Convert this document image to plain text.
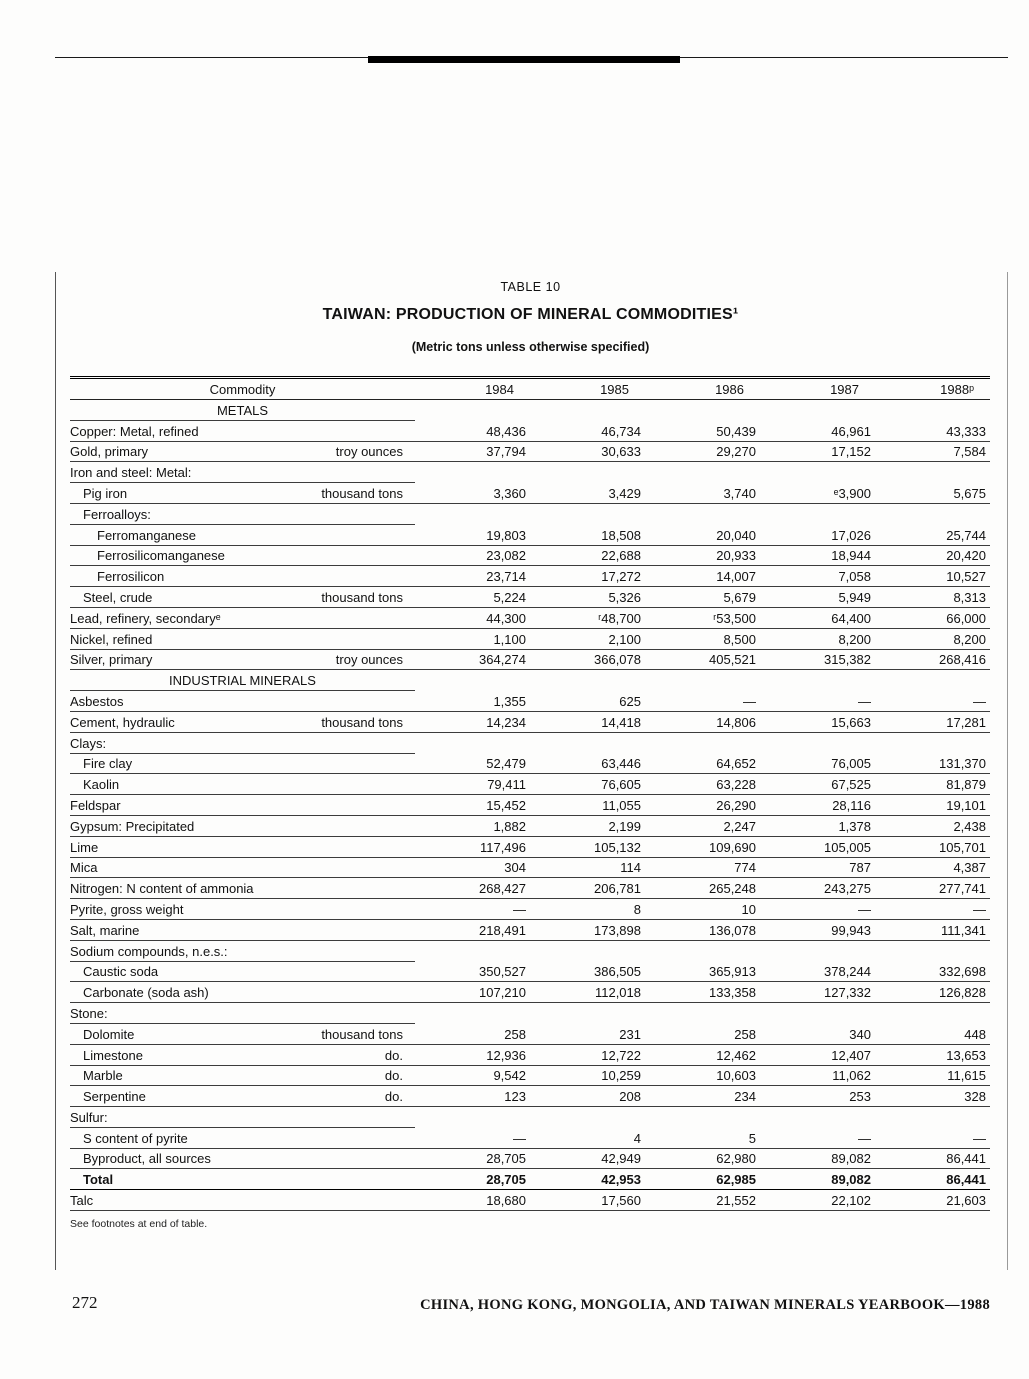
TABLE 10
TAIWAN: PRODUCTION OF MINERAL COMMODITIES¹
(Metric tons unless otherwise specified)
Commodity	1984	1985	1986	1987	1988ᵖ
METALS
Copper: Metal, refined	48,436	46,734	50,439	46,961	43,333
Gold, primary	troy ounces	37,794	30,633	29,270	17,152	7,584
Iron and steel: Metal:
Pig iron	thousand tons	3,360	3,429	3,740	ᵉ3,900	5,675
Ferroalloys:
Ferromanganese	19,803	18,508	20,040	17,026	25,744
Ferrosilicomanganese	23,082	22,688	20,933	18,944	20,420
Ferrosilicon	23,714	17,272	14,007	7,058	10,527
Steel, crude	thousand tons	5,224	5,326	5,679	5,949	8,313
Lead, refinery, secondaryᵉ	44,300	ʳ48,700	ʳ53,500	64,400	66,000
Nickel, refined	1,100	2,100	8,500	8,200	8,200
Silver, primary	troy ounces	364,274	366,078	405,521	315,382	268,416
INDUSTRIAL MINERALS
Asbestos	1,355	625	—	—	—
Cement, hydraulic	thousand tons	14,234	14,418	14,806	15,663	17,281
Clays:
Fire clay	52,479	63,446	64,652	76,005	131,370
Kaolin	79,411	76,605	63,228	67,525	81,879
Feldspar	15,452	11,055	26,290	28,116	19,101
Gypsum: Precipitated	1,882	2,199	2,247	1,378	2,438
Lime	117,496	105,132	109,690	105,005	105,701
Mica	304	114	774	787	4,387
Nitrogen: N content of ammonia	268,427	206,781	265,248	243,275	277,741
Pyrite, gross weight	—	8	10	—	—
Salt, marine	218,491	173,898	136,078	99,943	111,341
Sodium compounds, n.e.s.:
Caustic soda	350,527	386,505	365,913	378,244	332,698
Carbonate (soda ash)	107,210	112,018	133,358	127,332	126,828
Stone:
Dolomite	thousand tons	258	231	258	340	448
Limestone	do.	12,936	12,722	12,462	12,407	13,653
Marble	do.	9,542	10,259	10,603	11,062	11,615
Serpentine	do.	123	208	234	253	328
Sulfur:
S content of pyrite	—	4	5	—	—
Byproduct, all sources	28,705	42,949	62,980	89,082	86,441
Total	28,705	42,953	62,985	89,082	86,441
Talc	18,680	17,560	21,552	22,102	21,603
See footnotes at end of table.
272	CHINA, HONG KONG, MONGOLIA, AND TAIWAN MINERALS YEARBOOK—1988
